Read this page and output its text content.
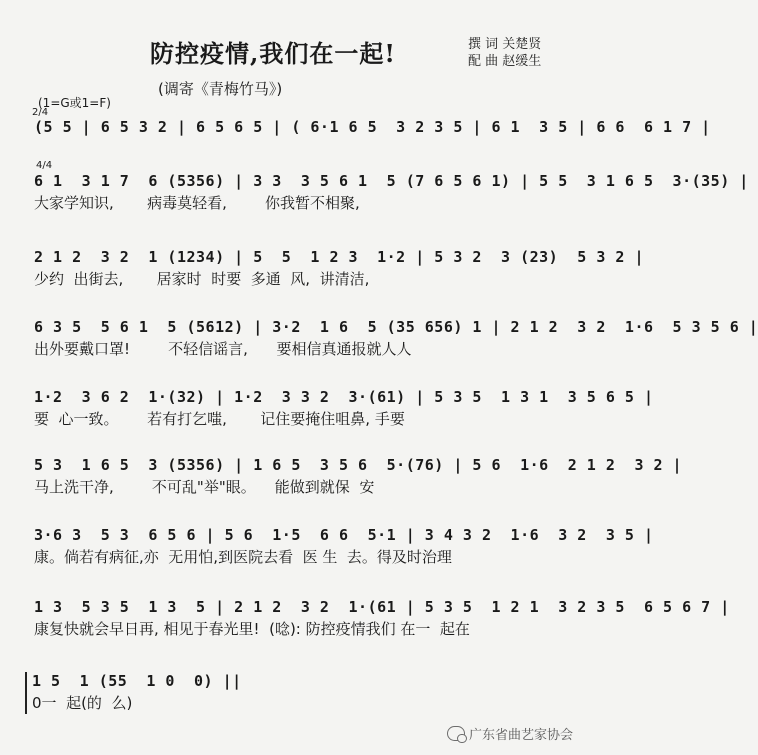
防控疫情,我们在一起!	撰 词 关楚贤
配 曲 赵缓生
(调寄《青梅竹马》)
(1=G或1=F)
2/4
4/4
(5 5 | 6 5 3 2 | 6 5 6 5 | ( 6·1 6 5  3 2 3 5 | 6 1  3 5 | 6 6  6 1 7 |
6 1  3 1 7  6 (5356) | 3 3  3 5 6 1  5 (7 6 5 6 1) | 5 5  3 1 6 5  3·(35) |
大家学知识,       病毒莫轻看,        你我暂不相聚,
2 1 2  3 2  1 (1234) | 5  5  1 2 3  1·2 | 5 3 2  3 (23)  5 3 2 |
少约  出街去,       居家时  时要  多通  风,  讲清洁,
6 3 5  5 6 1  5 (5612) | 3·2  1 6  5 (35 656) 1 | 2 1 2  3 2  1·6  5 3 5 6 |
出外要戴口罩!        不轻信谣言,      要相信真通报就人人
1·2  3 6 2  1·(32) | 1·2  3 3 2  3·(61) | 5 3 5  1 3 1  3 5 6 5 |
要  心一致。      若有打乞嗤,       记住要掩住咀鼻, 手要
5 3  1 6 5  3 (5356) | 1 6 5  3 5 6  5·(76) | 5 6  1·6  2 1 2  3 2 |
马上洗干净,        不可乱"举"眼。    能做到就保  安
3·6 3  5 3  6 5 6 | 5 6  1·5  6 6  5·1 | 3 4 3 2  1·6  3 2  3 5 |
康。倘若有病征,亦  无用怕,到医院去看  医 生  去。得及时治理
1 3  5 3 5  1 3  5 | 2 1 2  3 2  1·(61 | 5 3 5  1 2 1  3 2 3 5  6 5 6 7 |
康复快就会早日再, 相见于春光里!  (唸): 防控疫情我们 在一  起在
1 5  1 (55  1 0  0) ||
0一  起(的  么)
广东省曲艺家协会
